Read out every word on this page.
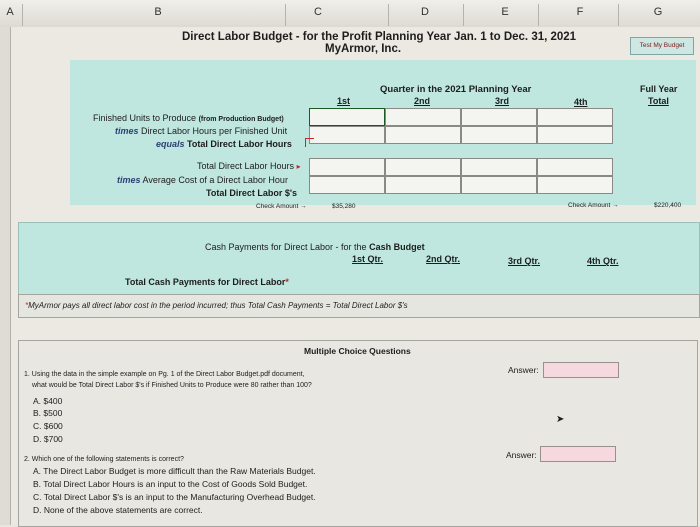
A	B	C	D	E	F	G
Direct Labor Budget - for the Profit Planning Year Jan. 1 to Dec. 31, 2021
MyArmor, Inc.	Test My Budget
Quarter in the 2021 Planning Year
1st	2nd	3rd	4th
Full Year
Total
Finished Units to Produce (from Production Budget)
times Direct Labor Hours per Finished Unit
equals Total Direct Labor Hours
Total Direct Labor Hours ▸
times Average Cost of a Direct Labor Hour
Total Direct Labor $'s
Check Amount →	$35,280	Check Amount →	$220,400
Cash Payments for Direct Labor - for the Cash Budget
1st Qtr.	2nd Qtr.	3rd Qtr.	4th Qtr.
Total Cash Payments for Direct Labor*
*MyArmor pays all direct labor cost in the period incurred; thus Total Cash Payments = Total Direct Labor $'s
Multiple Choice Questions
1. Using the data in the simple example on Pg. 1 of the Direct Labor Budget.pdf document,
what would be Total Direct Labor $'s if Finished Units to Produce were 80 rather than 100?
A. $400
B. $500
C. $600
D. $700
Answer:
➤
2. Which one of the following statements is correct?
A. The Direct Labor Budget is more difficult than the Raw Materials Budget.
B. Total Direct Labor Hours is an input to the Cost of Goods Sold Budget.
C. Total Direct Labor $'s is an input to the Manufacturing Overhead Budget.
D. None of the above statements are correct.
Answer:
